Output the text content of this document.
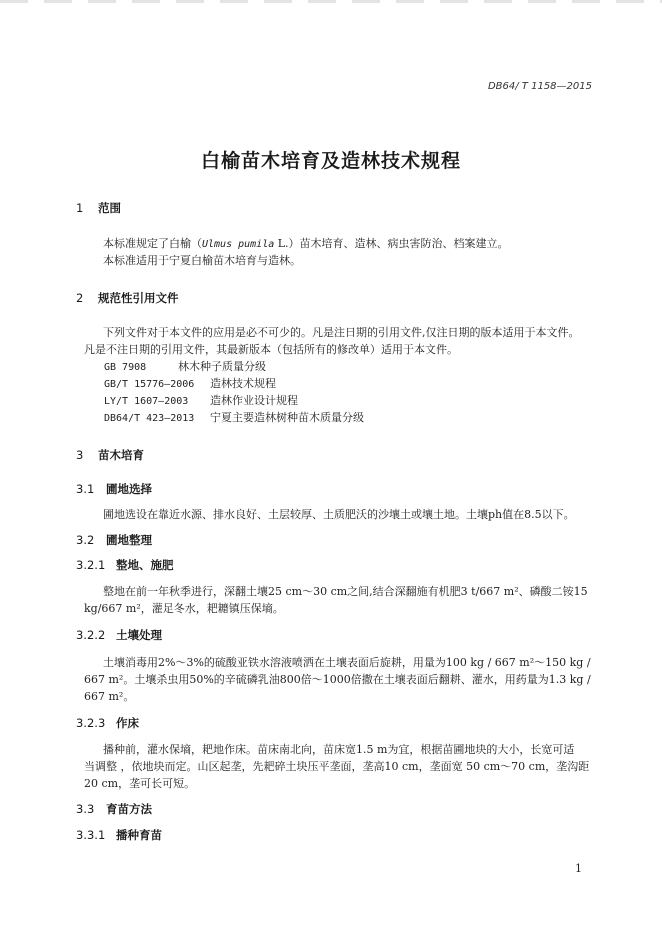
DB64/ T 1158—2015
白榆苗木培育及造林技术规程
1 范围
本标准规定了白榆（Ulmus pumila L.）苗木培育、造林、病虫害防治、档案建立。
本标准适用于宁夏白榆苗木培育与造林。
2 规范性引用文件
下列文件对于本文件的应用是必不可少的。凡是注日期的引用文件,仅注日期的版本适用于本文件。
凡是不注日期的引用文件，其最新版本（包括所有的修改单）适用于本文件。
GB 7908	林木种子质量分级
GB/T 15776—2006 造林技术规程
LY/T 1607—2003 造林作业设计规程
DB64/T 423—2013 宁夏主要造林树种苗木质量分级
3 苗木培育
3.1 圃地选择
圃地选设在靠近水源、排水良好、土层较厚、土质肥沃的沙壤土或壤土地。土壤ph值在8.5以下。
3.2 圃地整理
3.2.1 整地、施肥
整地在前一年秋季进行，深翻土壤25 cm～30 cm之间,结合深翻施有机肥3 t/667 m²、磷酸二铵15
kg/667 m²，灌足冬水，耙耱镇压保墒。
3.2.2 土壤处理
土壤消毒用2%～3%的硫酸亚铁水溶液喷洒在土壤表面后旋耕，用量为100 kg / 667 m²～150 kg /
667 m²。土壤杀虫用50%的辛硫磷乳油800倍～1000倍撒在土壤表面后翻耕、灌水，用药量为1.3 kg /
667 m²。
3.2.3 作床
播种前，灌水保墒，耙地作床。苗床南北向，苗床宽1.5 m为宜，根据苗圃地块的大小，长宽可适
当调整 ，依地块而定。山区起垄，先耙碎土块压平垄面，垄高10 cm，垄面宽 50 cm～70 cm，垄沟距
20 cm，垄可长可短。
3.3 育苗方法
3.3.1 播种育苗
1
